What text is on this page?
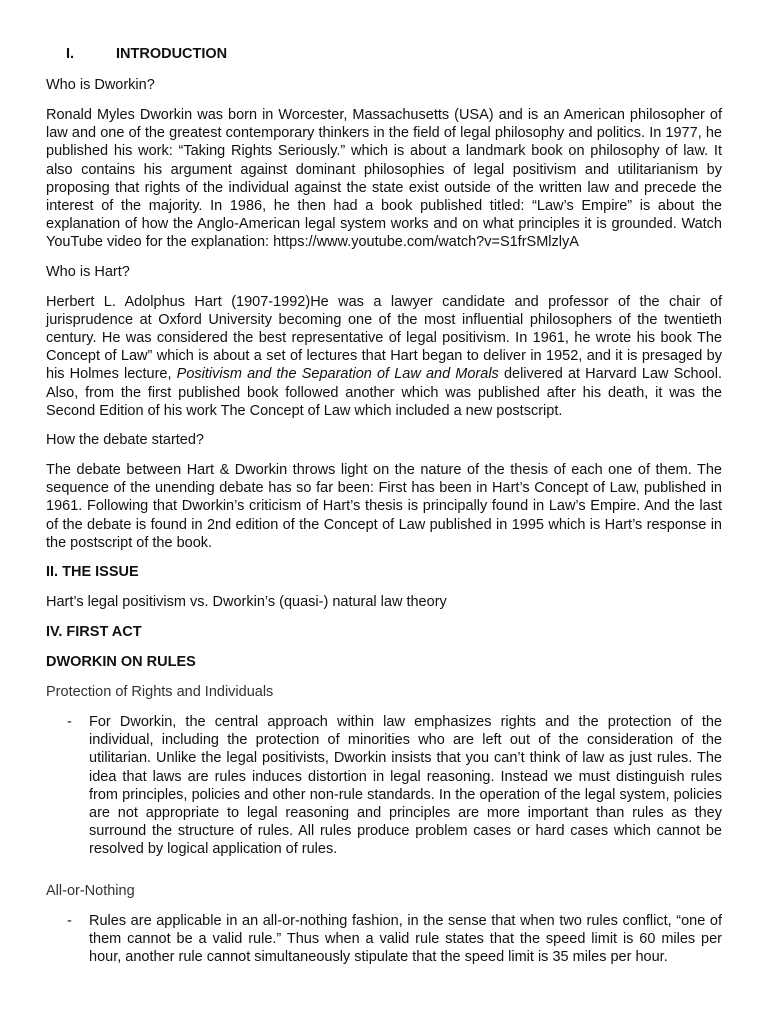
I.	INTRODUCTION
Who is Dworkin?

Ronald Myles Dworkin was born in Worcester, Massachusetts (USA) and is an American philosopher of law and one of the greatest contemporary thinkers in the field of legal philosophy and politics. In 1977, he published his work: “Taking Rights Seriously.” which is about a landmark book on philosophy of law. It also contains his argument against dominant philosophies of legal positivism and utilitarianism by proposing that rights of the individual against the state exist outside of the written law and precede the interest of the majority. In 1986, he then had a book published titled: “Law’s Empire” is about the explanation of how the Anglo-American legal system works and on what principles it is grounded. Watch YouTube video for the explanation: https://www.youtube.com/watch?v=S1frSMlzlyA

Who is Hart?

Herbert L. Adolphus Hart (1907-1992)He was a lawyer candidate and professor of the chair of jurisprudence at Oxford University becoming one of the most influential philosophers of the twentieth century. He was considered the best representative of legal positivism. In 1961, he wrote his book The Concept of Law” which is about a set of lectures that Hart began to deliver in 1952, and it is presaged by his Holmes lecture, Positivism and the Separation of Law and Morals delivered at Harvard Law School. Also, from the first published book followed another which was published after his death, it was the Second Edition of his work The Concept of Law which included a new postscript.

How the debate started?

The debate between Hart & Dworkin throws light on the nature of the thesis of each one of them. The sequence of the unending debate has so far been: First has been in Hart’s Concept of Law, published in 1961. Following that Dworkin’s criticism of Hart’s thesis is principally found in Law’s Empire. And the last of the debate is found in 2nd edition of the Concept of Law published in 1995 which is Hart’s response in the postscript of the book.

II. THE ISSUE
Hart’s legal positivism vs. Dworkin’s (quasi-) natural law theory
IV. FIRST ACT
DWORKIN ON RULES
Protection of Rights and Individuals
-	For Dworkin, the central approach within law emphasizes rights and the protection of the individual, including the protection of minorities who are left out of the consideration of the utilitarian. Unlike the legal positivists, Dworkin insists that you can’t think of law as just rules. The idea that laws are rules induces distortion in legal reasoning. Instead we must distinguish rules from principles, policies and other non-rule standards. In the operation of the legal system, policies are not appropriate to legal reasoning and principles are more important than rules as they surround the structure of rules. All rules produce problem cases or hard cases which cannot be resolved by logical application of rules.
All-or-Nothing
-	Rules are applicable in an all-or-nothing fashion, in the sense that when two rules conflict, “one of them cannot be a valid rule.” Thus when a valid rule states that the speed limit is 60 miles per hour, another rule cannot simultaneously stipulate that the speed limit is 35 miles per hour.
